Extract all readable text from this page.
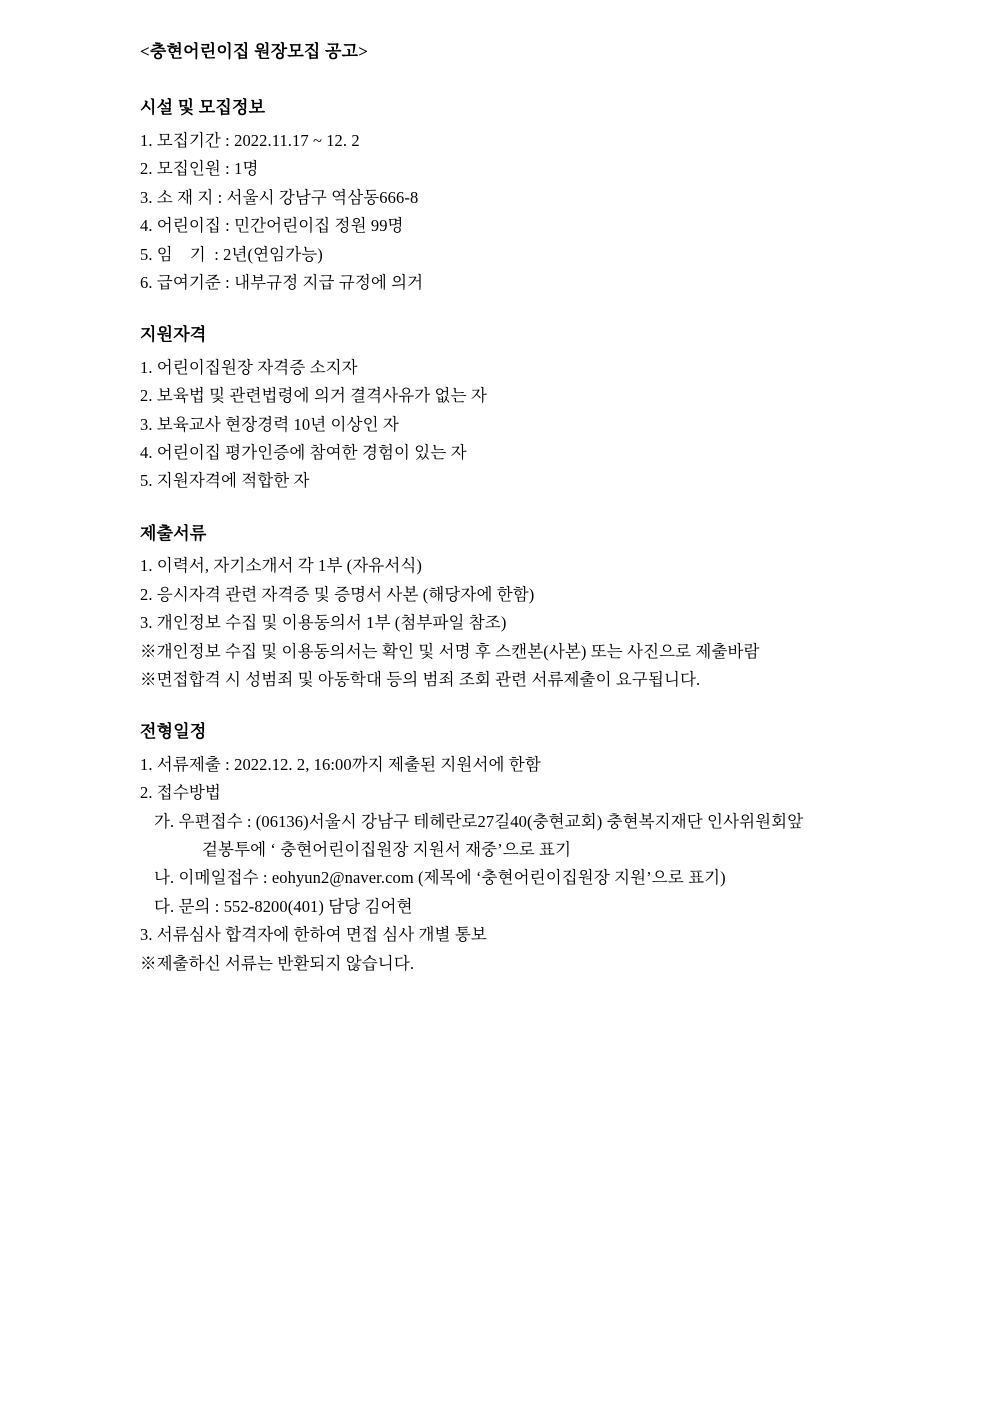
<충현어린이집 원장모집 공고>
시설 및 모집정보
1. 모집기간 : 2022.11.17 ~ 12. 2
2. 모집인원 : 1명
3. 소 재 지 : 서울시 강남구 역삼동666-8
4. 어린이집 : 민간어린이집 정원 99명
5. 임    기  : 2년(연임가능)
6. 급여기준 : 내부규정 지급 규정에 의거
지원자격
1. 어린이집원장 자격증 소지자
2. 보육법 및 관련법령에 의거 결격사유가 없는 자
3. 보육교사 현장경력 10년 이상인 자
4. 어린이집 평가인증에 참여한 경험이 있는 자
5. 지원자격에 적합한 자
제출서류
1. 이력서, 자기소개서 각 1부 (자유서식)
2. 응시자격 관련 자격증 및 증명서 사본 (해당자에 한함)
3. 개인정보 수집 및 이용동의서 1부 (첨부파일 참조)
※개인정보 수집 및 이용동의서는 확인 및 서명 후 스캔본(사본) 또는 사진으로 제출바람
※면접합격 시 성범죄 및 아동학대 등의 범죄 조회 관련 서류제출이 요구됩니다.
전형일정
1. 서류제출 : 2022.12. 2, 16:00까지 제출된 지원서에 한함
2. 접수방법
가. 우편접수 : (06136)서울시 강남구 테헤란로27길40(충현교회) 충현복지재단 인사위원회앞
겉봉투에 ‘ 충현어린이집원장 지원서 재중’으로 표기
나. 이메일접수 : eohyun2@naver.com (제목에 ‘충현어린이집원장 지원’으로 표기)
다. 문의 : 552-8200(401) 담당 김어현
3. 서류심사 합격자에 한하여 면접 심사 개별 통보
※제출하신 서류는 반환되지 않습니다.
